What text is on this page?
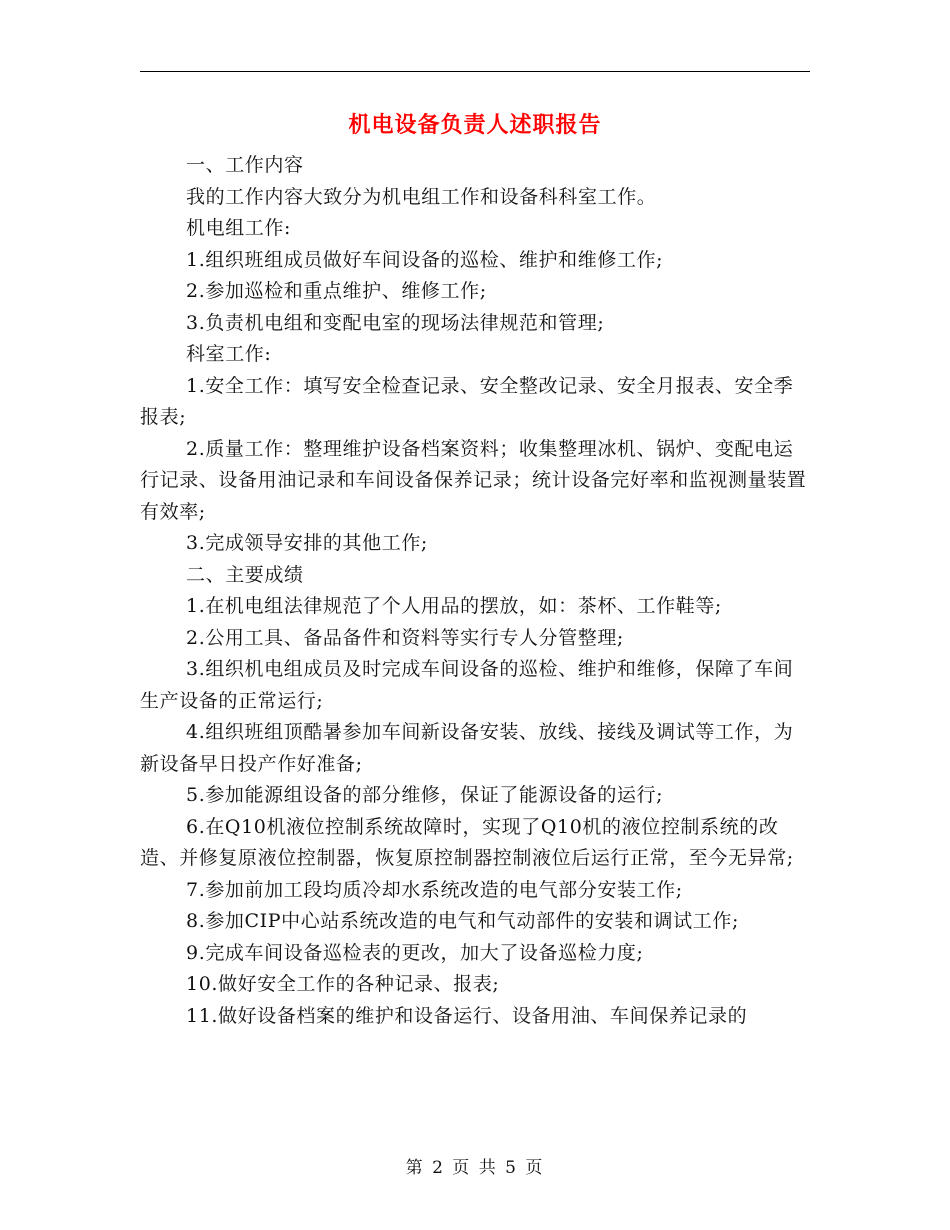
机电设备负责人述职报告

一、工作内容

我的工作内容大致分为机电组工作和设备科科室工作。

机电组工作:

1.组织班组成员做好车间设备的巡检、维护和维修工作;

2.参加巡检和重点维护、维修工作;

3.负责机电组和变配电室的现场法律规范和管理;

科室工作:

1.安全工作：填写安全检查记录、安全整改记录、安全月报表、安全季报表;

2.质量工作：整理维护设备档案资料；收集整理冰机、锅炉、变配电运行记录、设备用油记录和车间设备保养记录；统计设备完好率和监视测量装置有效率;

3.完成领导安排的其他工作;

二、主要成绩

1.在机电组法律规范了个人用品的摆放，如：茶杯、工作鞋等;

2.公用工具、备品备件和资料等实行专人分管整理;

3.组织机电组成员及时完成车间设备的巡检、维护和维修，保障了车间生产设备的正常运行;

4.组织班组顶酷暑参加车间新设备安装、放线、接线及调试等工作，为新设备早日投产作好准备;

5.参加能源组设备的部分维修，保证了能源设备的运行;

6.在Q10机液位控制系统故障时，实现了Q10机的液位控制系统的改造、并修复原液位控制器，恢复原控制器控制液位后运行正常，至今无异常;

7.参加前加工段均质冷却水系统改造的电气部分安装工作;

8.参加CIP中心站系统改造的电气和气动部件的安装和调试工作;

9.完成车间设备巡检表的更改，加大了设备巡检力度;

10.做好安全工作的各种记录、报表;

11.做好设备档案的维护和设备运行、设备用油、车间保养记录的

第 2 页 共 5 页
